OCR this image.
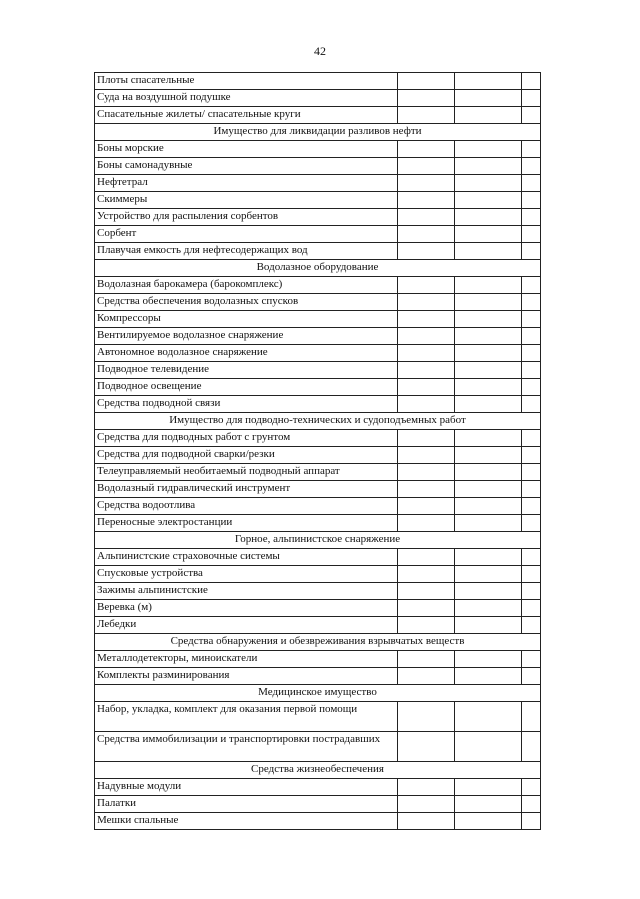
42
Плоты спасательные			
Суда на воздушной подушке			
Спасательные жилеты/ спасательные круги			
Имущество для ликвидации разливов нефти			
Боны морские			
Боны самонадувные			
Нефтетрал			
Скиммеры			
Устройство для распыления сорбентов			
Сорбент			
Плавучая емкость для нефтесодержащих вод			
Водолазное оборудование			
Водолазная барокамера (барокомплекс)			
Средства обеспечения водолазных спусков			
Компрессоры			
Вентилируемое водолазное снаряжение			
Автономное водолазное снаряжение			
Подводное телевидение			
Подводное освещение			
Средства подводной связи			
Имущество для подводно-технических и судоподъемных работ			
Средства для подводных работ с грунтом			
Средства для подводной сварки/резки			
Телеуправляемый необитаемый подводный аппарат			
Водолазный гидравлический инструмент			
Средства водоотлива			
Переносные электростанции			
Горное, альпинистское снаряжение			
Альпинистские страховочные системы			
Спусковые устройства			
Зажимы альпинистские			
Веревка (м)			
Лебедки			
Средства обнаружения и обезвреживания взрывчатых веществ			
Металлодетекторы, миноискатели			
Комплекты разминирования			
Медицинское имущество			
Набор, укладка, комплект для оказания первой помощи			
Средства иммобилизации и транспортировки пострадавших			
Средства жизнеобеспечения			
Надувные модули			
Палатки			
Мешки спальные			
